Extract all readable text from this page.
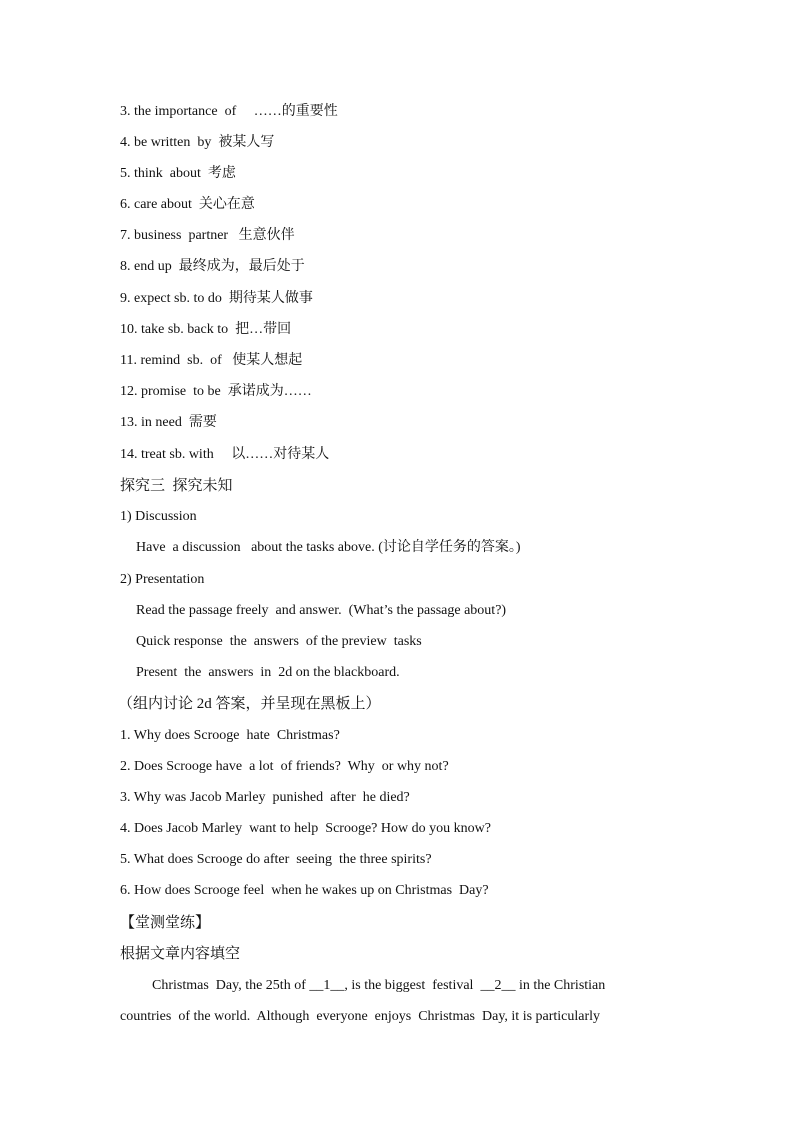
3. the importance  of     ……的重要性
4. be written  by  被某人写
5. think  about  考虑
6. care about  关心在意
7. business  partner   生意伙伴
8. end up  最终成为，最后处于
9. expect sb. to do  期待某人做事
10. take sb. back to  把…带回
11. remind  sb.  of   使某人想起
12. promise  to be  承诺成为……
13. in need  需要
14. treat sb. with     以……对待某人
探究三  探究未知
1) Discussion
Have  a discussion   about the tasks above. (讨论自学任务的答案。)
2) Presentation
Read the passage freely  and answer.  (What’s the passage about?)
Quick response  the  answers  of the preview  tasks
Present  the  answers  in  2d on the blackboard.
（组内讨论 2d 答案，并呈现在黑板上）
1. Why does Scrooge  hate  Christmas?
2. Does Scrooge have  a lot  of friends?  Why  or why not?
3. Why was Jacob Marley  punished  after  he died?
4. Does Jacob Marley  want to help  Scrooge? How do you know?
5. What does Scrooge do after  seeing  the three spirits?
6. How does Scrooge feel  when he wakes up on Christmas  Day?
【堂测堂练】
根据文章内容填空
Christmas  Day, the 25th of __1__, is the biggest  festival  __2__ in the Christian
countries  of the world.  Although  everyone  enjoys  Christmas  Day, it is particularly
